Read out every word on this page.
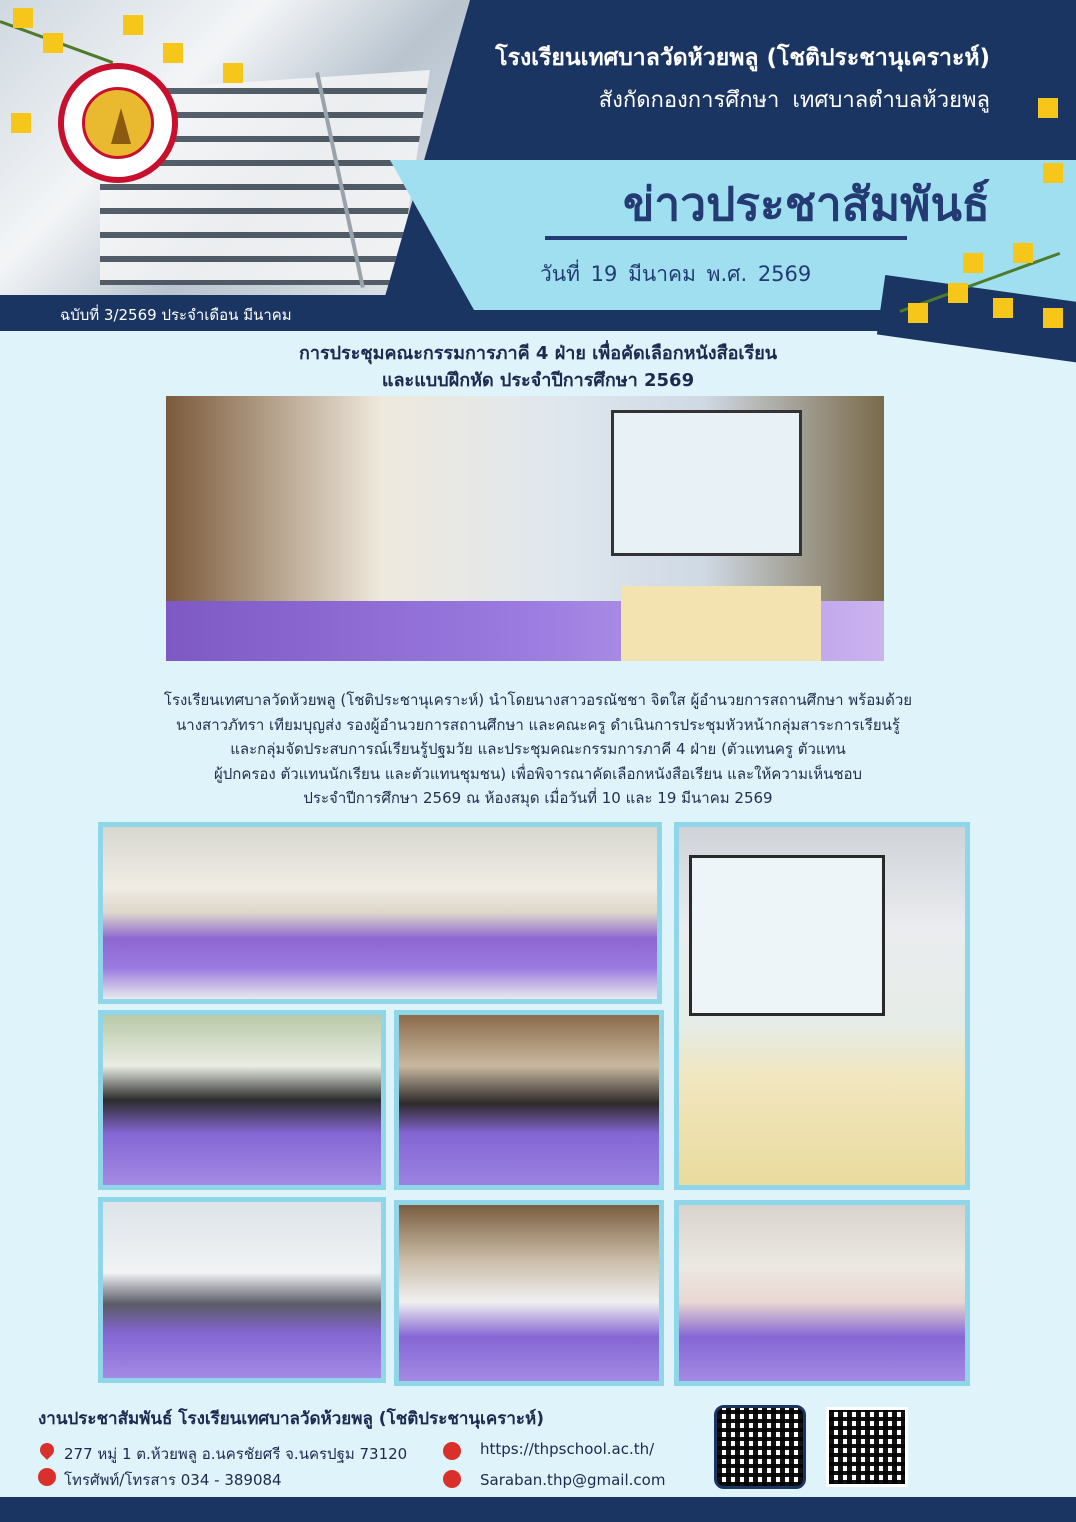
โรงเรียนเทศบาลวัดห้วยพลู (โชติประชานุเคราะห์)
สังกัดกองการศึกษา เทศบาลตำบลห้วยพลู
ข่าวประชาสัมพันธ์
วันที่ 19 มีนาคม พ.ศ. 2569
ฉบับที่ 3/2569 ประจำเดือน มีนาคม
การประชุมคณะกรรมการภาคี 4 ฝ่าย เพื่อคัดเลือกหนังสือเรียน
และแบบฝึกหัด ประจำปีการศึกษา 2569
โรงเรียนเทศบาลวัดห้วยพลู (โชติประชานุเคราะห์) นำโดยนางสาวอรณัชชา จิตใส ผู้อำนวยการสถานศึกษา พร้อมด้วย
นางสาวภัทรา เทียมบุญส่ง รองผู้อำนวยการสถานศึกษา และคณะครู ดำเนินการประชุมหัวหน้ากลุ่มสาระการเรียนรู้
และกลุ่มจัดประสบการณ์เรียนรู้ปฐมวัย และประชุมคณะกรรมการภาคี 4 ฝ่าย (ตัวแทนครู ตัวแทน
ผู้ปกครอง ตัวแทนนักเรียน และตัวแทนชุมชน) เพื่อพิจารณาคัดเลือกหนังสือเรียน และให้ความเห็นชอบ
ประจำปีการศึกษา 2569 ณ ห้องสมุด เมื่อวันที่ 10 และ 19 มีนาคม 2569
งานประชาสัมพันธ์ โรงเรียนเทศบาลวัดห้วยพลู (โชติประชานุเคราะห์)
277 หมู่ 1 ต.ห้วยพลู อ.นครชัยศรี จ.นครปฐม 73120
โทรศัพท์/โทรสาร 034 - 389084
https://thpschool.ac.th/
Saraban.thp@gmail.com
